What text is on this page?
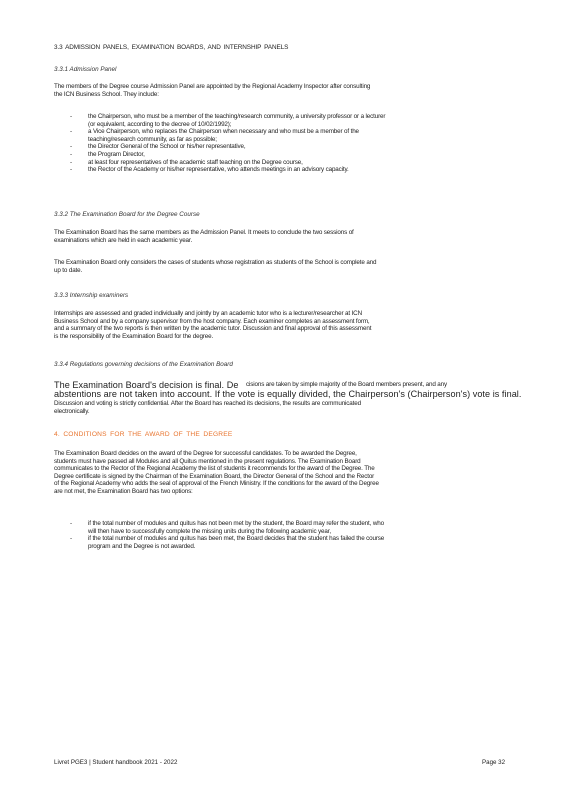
3.3 ADMISSION PANELS, EXAMINATION BOARDS, AND INTERNSHIP PANELS
3.3.1 Admission Panel
The members of the Degree course Admission Panel are appointed by the Regional Academy Inspector after consulting
the ICN Business School. They include:
-	the Chairperson, who must be a member of the teaching/research community, a university professor or a lecturer
(or equivalent, according to the decree of 10/02/1992);
-	a Vice Chairperson, who replaces the Chairperson when necessary and who must be a member of the
teaching/research community, as far as possible;
-	the Director General of the School or his/her representative,
-	the Program Director,
-	at least four representatives of the academic staff teaching on the Degree course,
-	the Rector of the Academy or his/her representative, who attends meetings in an advisory capacity.
3.3.2 The Examination Board for the Degree Course
The Examination Board has the same members as the Admission Panel. It meets to conclude the two sessions of
examinations which are held in each academic year.
The Examination Board only considers the cases of students whose registration as students of the School is complete and
up to date.
3.3.3 Internship examiners
Internships are assessed and graded individually and jointly by an academic tutor who is a lecturer/researcher at ICN
Business School and by a company supervisor from the host company. Each examiner completes an assessment form,
and a summary of the two reports is then written by the academic tutor. Discussion and final approval of this assessment
is the responsibility of the Examination Board for the degree.
3.3.4 Regulations governing decisions of the Examination Board
The Examination Board's decision is final. De cisions are taken by simple majority of the Board members present, and any
abstentions are not taken into account. If the vote is equally divided, the Chairperson's (Chairperson's) vote is final.
Discussion and voting is strictly confidential. After the Board has reached its decisions, the results are communicated
electronically.
4. CONDITIONS FOR THE AWARD OF THE DEGREE
The Examination Board decides on the award of the Degree for successful candidates. To be awarded the Degree,
students must have passed all Modules and all Quitus mentioned in the present regulations. The Examination Board
communicates to the Rector of the Regional Academy the list of students it recommends for the award of the Degree. The
Degree certificate is signed by the Chairman of the Examination Board, the Director General of the School and the Rector
of the Regional Academy who adds the seal of approval of the French Ministry. If the conditions for the award of the Degree
are not met, the Examination Board has two options:
-	if the total number of modules and quitus has not been met by the student, the Board may refer the student, who
will then have to successfully complete the missing units during the following academic year,
-	if the total number of modules and quitus has been met, the Board decides that the student has failed the course
program and the Degree is not awarded.
Livret PGE3 | Student handbook 2021 - 2022	Page 32
